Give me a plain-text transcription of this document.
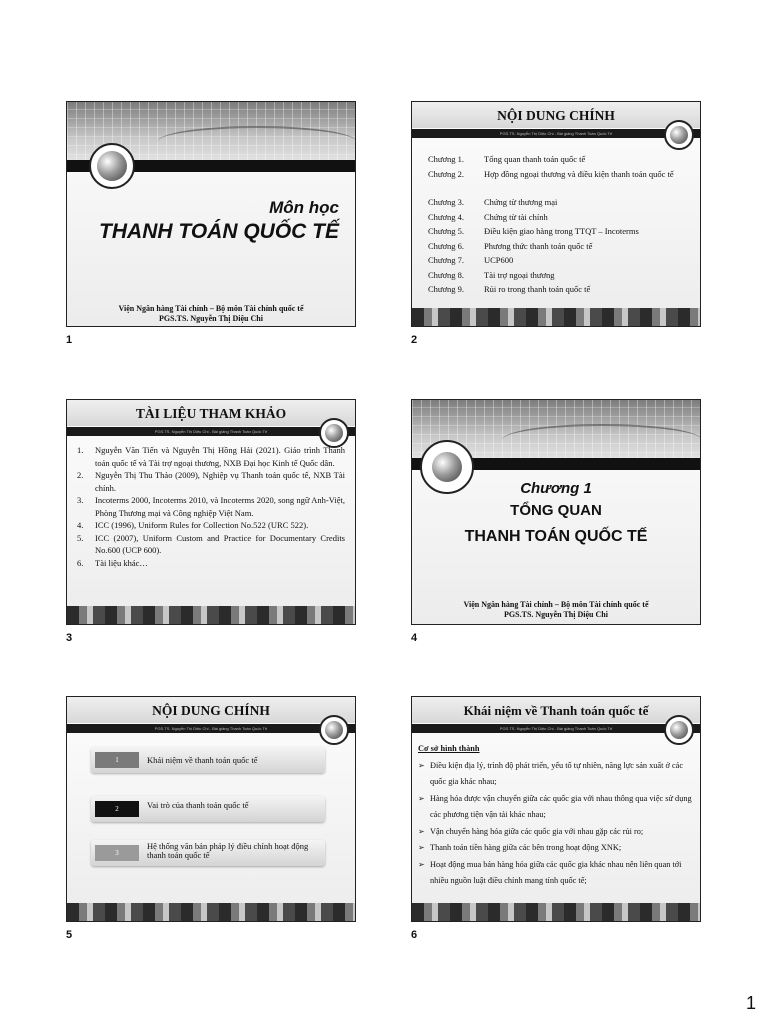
Môn học
THANH TOÁN QUỐC TẾ
Viện Ngân hàng Tài chính – Bộ môn Tài chính quốc tế
PGS.TS. Nguyễn Thị Diệu Chi
1
NỘI DUNG CHÍNH
PGS.TS. Nguyễn Thị Diệu Chi - Bài giảng Thanh Toán Quốc Tế
Chương 1. Tổng quan thanh toán quốc tế
Chương 2. Hợp đồng ngoại thương và điều kiện thanh toán quốc tế
Chương 3. Chứng từ thương mại
Chương 4. Chứng từ tài chính
Chương 5. Điều kiện giao hàng trong TTQT – Incoterms
Chương 6. Phương thức thanh toán quốc tế
Chương 7. UCP600
Chương 8. Tài trợ ngoại thương
Chương 9. Rủi ro trong thanh toán quốc tế
2
TÀI LIỆU THAM KHẢO
PGS.TS. Nguyễn Thị Diệu Chi - Bài giảng Thanh Toán Quốc Tế
1. Nguyễn Văn Tiến và Nguyễn Thị Hồng Hải (2021). Giáo trình Thanh toán quốc tế và Tài trợ ngoại thương, NXB Đại học Kinh tế Quốc dân.
2. Nguyễn Thị Thu Thảo (2009), Nghiệp vụ Thanh toán quốc tế, NXB Tài chính.
3. Incoterms 2000, Incoterms 2010, và Incoterms 2020, song ngữ Anh-Việt, Phòng Thương mại và Công nghiệp Việt Nam.
4. ICC (1996), Uniform Rules for Collection No.522 (URC 522).
5. ICC (2007), Uniform Custom and Practice for Documentary Credits No.600 (UCP 600).
6. Tài liệu khác…
3
Chương 1
TỔNG QUAN
THANH TOÁN QUỐC TẾ
Viện Ngân hàng Tài chính – Bộ môn Tài chính quốc tế
PGS.TS. Nguyễn Thị Diệu Chi
4
NỘI DUNG CHÍNH
PGS.TS. Nguyễn Thị Diệu Chi - Bài giảng Thanh Toán Quốc Tế
1	Khái niệm về thanh toán quốc tế
2	Vai trò của thanh toán quốc tế
3
Hệ thống văn bản pháp lý điều chỉnh hoạt động thanh toán quốc tế
5
Khái niệm về Thanh toán quốc tế
PGS.TS. Nguyễn Thị Diệu Chi - Bài giảng Thanh Toán Quốc Tế
Cơ sở hình thành
➢ Điều kiện địa lý, trình độ phát triển, yếu tố tự nhiên, năng lực sản xuất ở các quốc gia khác nhau;
➢ Hàng hóa được vận chuyển giữa các quốc gia với nhau thông qua việc sử dụng các phương tiện vận tải khác nhau;
➢ Vận chuyển hàng hóa giữa các quốc gia với nhau gặp các rủi ro;
➢ Thanh toán tiền hàng giữa các bên trong hoạt động XNK;
➢ Hoạt động mua bán hàng hóa giữa các quốc gia khác nhau nên liên quan tới nhiều nguồn luật điều chỉnh mang tính quốc tế;
6
1
